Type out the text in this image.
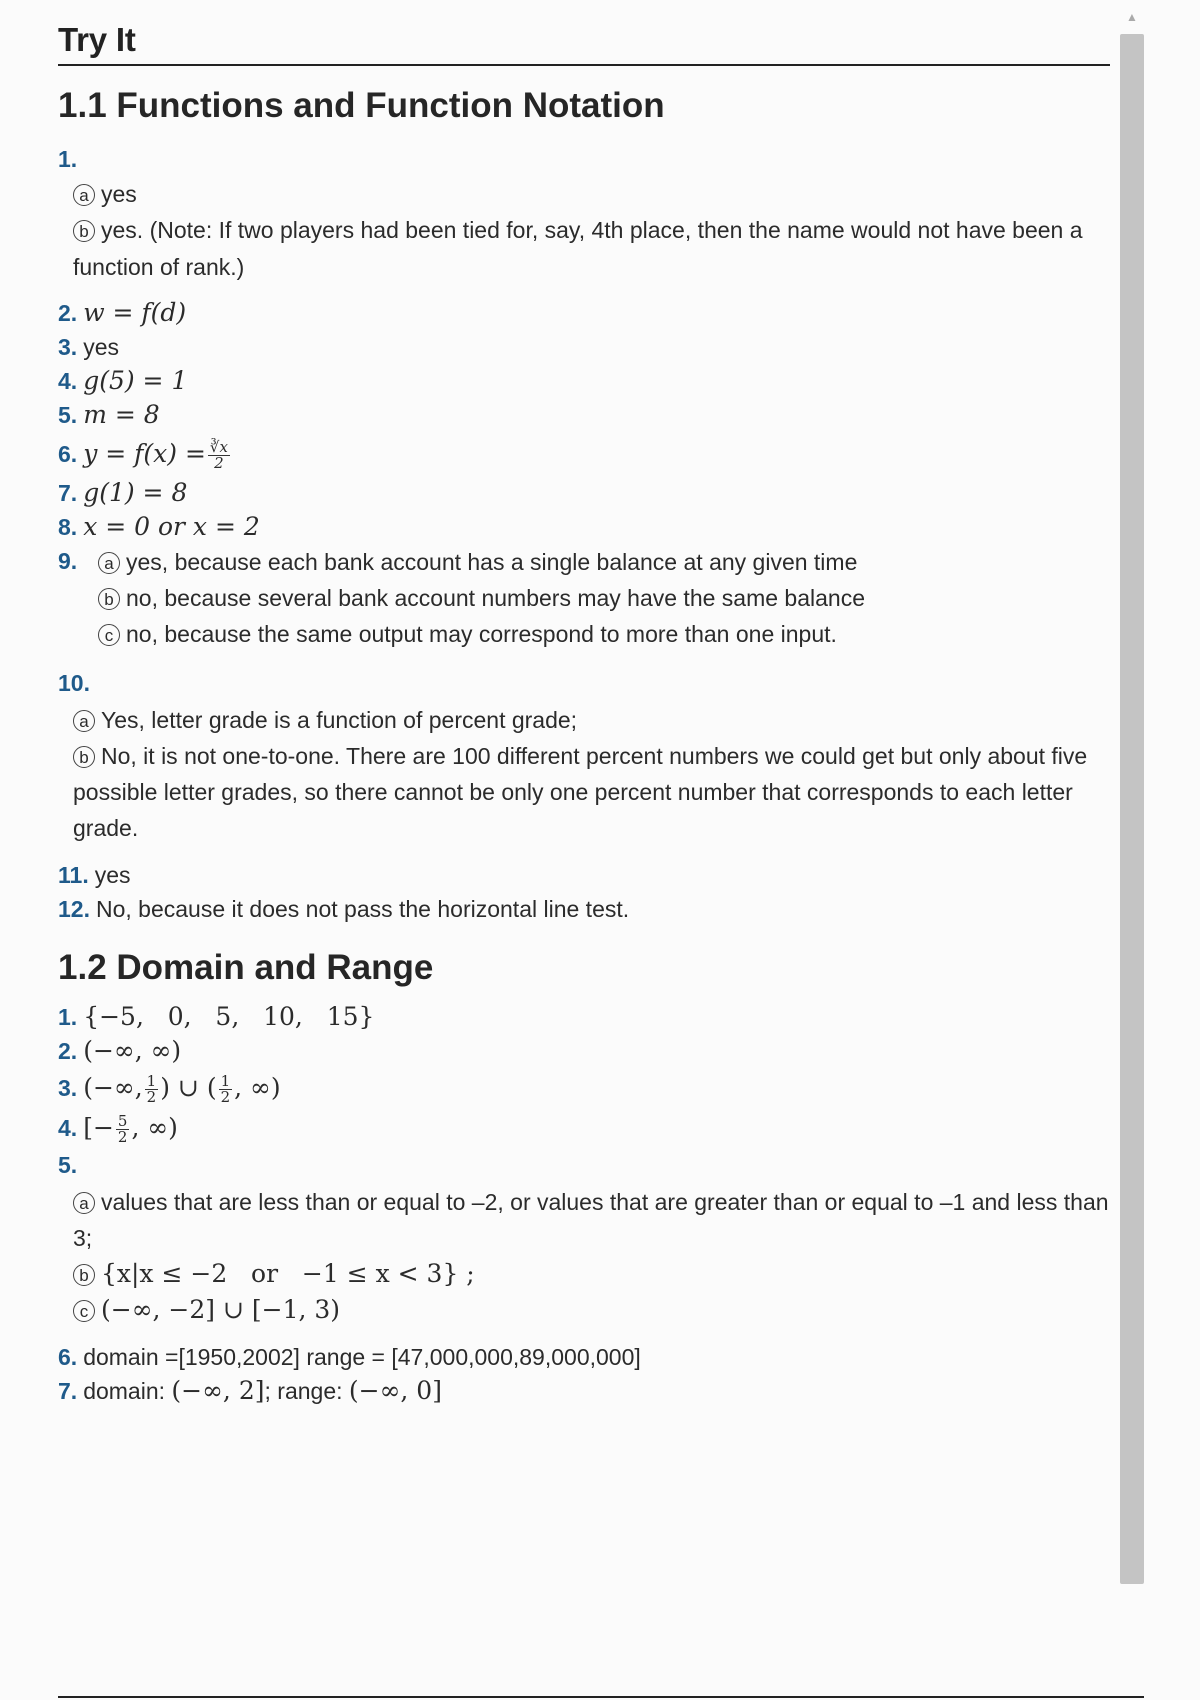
Try It
1.1 Functions and Function Notation

1.

a yes
b yes. (Note: If two players had been tied for, say, 4th place, then the name would not have been a function of rank.)

2. w = f(d)

3. yes

4. g(5) = 1

5. m = 8

6. $y = f(x) = \frac{∛x}{2}$

7. g(1) = 8

8. x = 0 or x = 2

9.	a yes, because each bank account has a single balance at any given time
b no, because several bank account numbers may have the same balance
c no, because the same output may correspond to more than one input.

10.

a Yes, letter grade is a function of percent grade;
b No, it is not one-to-one. There are 100 different percent numbers we could get but only about five possible letter grades, so there cannot be only one percent number that corresponds to each letter grade.

11. yes

12. No, because it does not pass the horizontal line test.

1.2 Domain and Range

1. {−5,   0,   5,   10,   15}

2. (−∞, ∞)

3. (−∞, $\frac{1}{2}$ ) ∪ ( $\frac{1}{2}$ , ∞)

4. [− $\frac{5}{2}$ , ∞)

5.

a values that are less than or equal to –2, or values that are greater than or equal to –1 and less than 3;
b {x|x ≤ −2   or   −1 ≤ x < 3} ;
c (−∞, −2] ∪ [−1, 3)

6. domain =[1950,2002] range = [47,000,000,89,000,000]

7. domain: (−∞, 2]; range: (−∞, 0]

▲
